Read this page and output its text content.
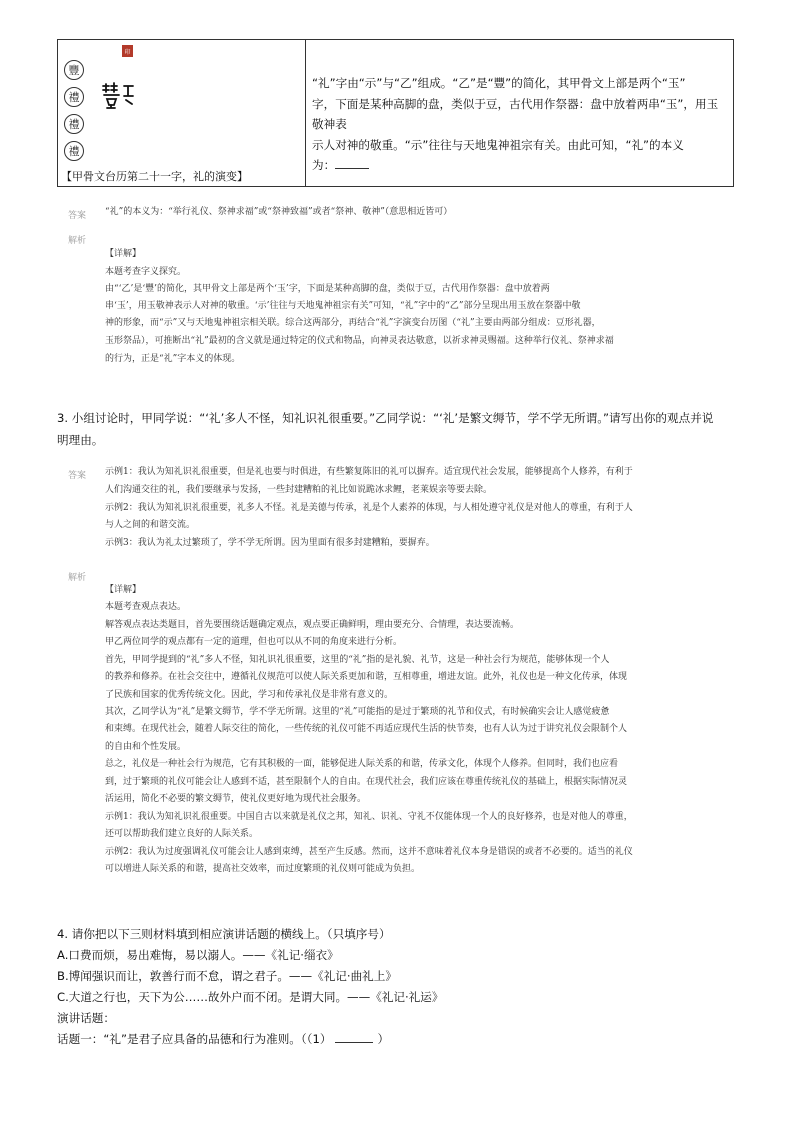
豐
禮
禮
禮
印
【甲骨文台历第二十一字，礼的演变】
“礼”字由“示”与“乙”组成。“乙”是“豐”的简化，其甲骨文上部是两个“玉”
字，下面是某种高脚的盘，类似于豆，古代用作祭器：盘中放着两串“玉”，用玉敬神表
示人对神的敬重。“示”往往与天地鬼神祖宗有关。由此可知，“礼”的本义
为：
答案 “礼”的本义为：“举行礼仪、祭神求福”或“祭神致福”或者“祭神、敬神”（意思相近皆可）
解析
【详解】
本题考查字义探究。
由“‘乙’是‘豐’的简化，其甲骨文上部是两个‘玉’字，下面是某种高脚的盘，类似于豆，古代用作祭器：盘中放着两
串‘玉’，用玉敬神表示人对神的敬重。‘示’往往与天地鬼神祖宗有关”可知，“礼”字中的“乙”部分呈现出用玉放在祭器中敬
神的形象，而“示”又与天地鬼神祖宗相关联。综合这两部分，再结合“礼”字演变台历图（“礼”主要由两部分组成：豆形礼器，
玉形祭品），可推断出“礼”最初的含义就是通过特定的仪式和物品，向神灵表达敬意，以祈求神灵赐福。这种举行仪礼、祭神求福
的行为，正是“礼”字本义的体现。
3. 小组讨论时，甲同学说：“‘礼’多人不怪，知礼识礼很重要。”乙同学说：“‘礼’是繁文缛节，学不学无所谓。”请写出你的观点并说
明理由。
答案 示例1：我认为知礼识礼很重要，但是礼也要与时俱进，有些繁复陈旧的礼可以摒弃。适宜现代社会发展，能够提高个人修养，有利于
人们沟通交往的礼，我们要继承与发扬，一些封建糟粕的礼比如说跪冰求鲤，老莱娱亲等要去除。
示例2：我认为知礼识礼很重要，礼多人不怪。礼是美德与传承，礼是个人素养的体现，与人相处遵守礼仪是对他人的尊重，有利于人
与人之间的和谐交流。
示例3：我认为礼太过繁琐了，学不学无所谓。因为里面有很多封建糟粕，要摒弃。
解析
【详解】
本题考查观点表达。
解答观点表达类题目，首先要围绕话题确定观点，观点要正确鲜明，理由要充分、合情理，表达要流畅。
甲乙两位同学的观点都有一定的道理，但也可以从不同的角度来进行分析。
首先，甲同学提到的“礼”多人不怪，知礼识礼很重要，这里的“礼”指的是礼貌、礼节，这是一种社会行为规范，能够体现一个人
的教养和修养。在社会交往中，遵循礼仪规范可以使人际关系更加和谐，互相尊重，增进友谊。此外，礼仪也是一种文化传承，体现
了民族和国家的优秀传统文化。因此，学习和传承礼仪是非常有意义的。
其次，乙同学认为“礼”是繁文缛节，学不学无所谓。这里的“礼”可能指的是过于繁琐的礼节和仪式，有时候确实会让人感觉疲惫
和束缚。在现代社会，随着人际交往的简化，一些传统的礼仪可能不再适应现代生活的快节奏，也有人认为过于讲究礼仪会限制个人
的自由和个性发展。
总之，礼仪是一种社会行为规范，它有其积极的一面，能够促进人际关系的和谐，传承文化，体现个人修养。但同时，我们也应看
到，过于繁琐的礼仪可能会让人感到不适，甚至限制个人的自由。在现代社会，我们应该在尊重传统礼仪的基础上，根据实际情况灵
活运用，简化不必要的繁文缛节，使礼仪更好地为现代社会服务。
示例1：我认为知礼识礼很重要。中国自古以来就是礼仪之邦，知礼、识礼、守礼不仅能体现一个人的良好修养，也是对他人的尊重，
还可以帮助我们建立良好的人际关系。
示例2：我认为过度强调礼仪可能会让人感到束缚，甚至产生反感。然而，这并不意味着礼仪本身是错误的或者不必要的。适当的礼仪
可以增进人际关系的和谐，提高社交效率，而过度繁琐的礼仪则可能成为负担。
4. 请你把以下三则材料填到相应演讲话题的横线上。（只填序号）
A.口费而烦，易出难悔，易以溺人。——《礼记·缁衣》
B.博闻强识而让，敦善行而不怠，谓之君子。——《礼记·曲礼上》
C.大道之行也，天下为公……故外户而不闭。是谓大同。——《礼记·礼运》
演讲话题：
话题一：“礼”是君子应具备的品德和行为准则。（（1）	）
